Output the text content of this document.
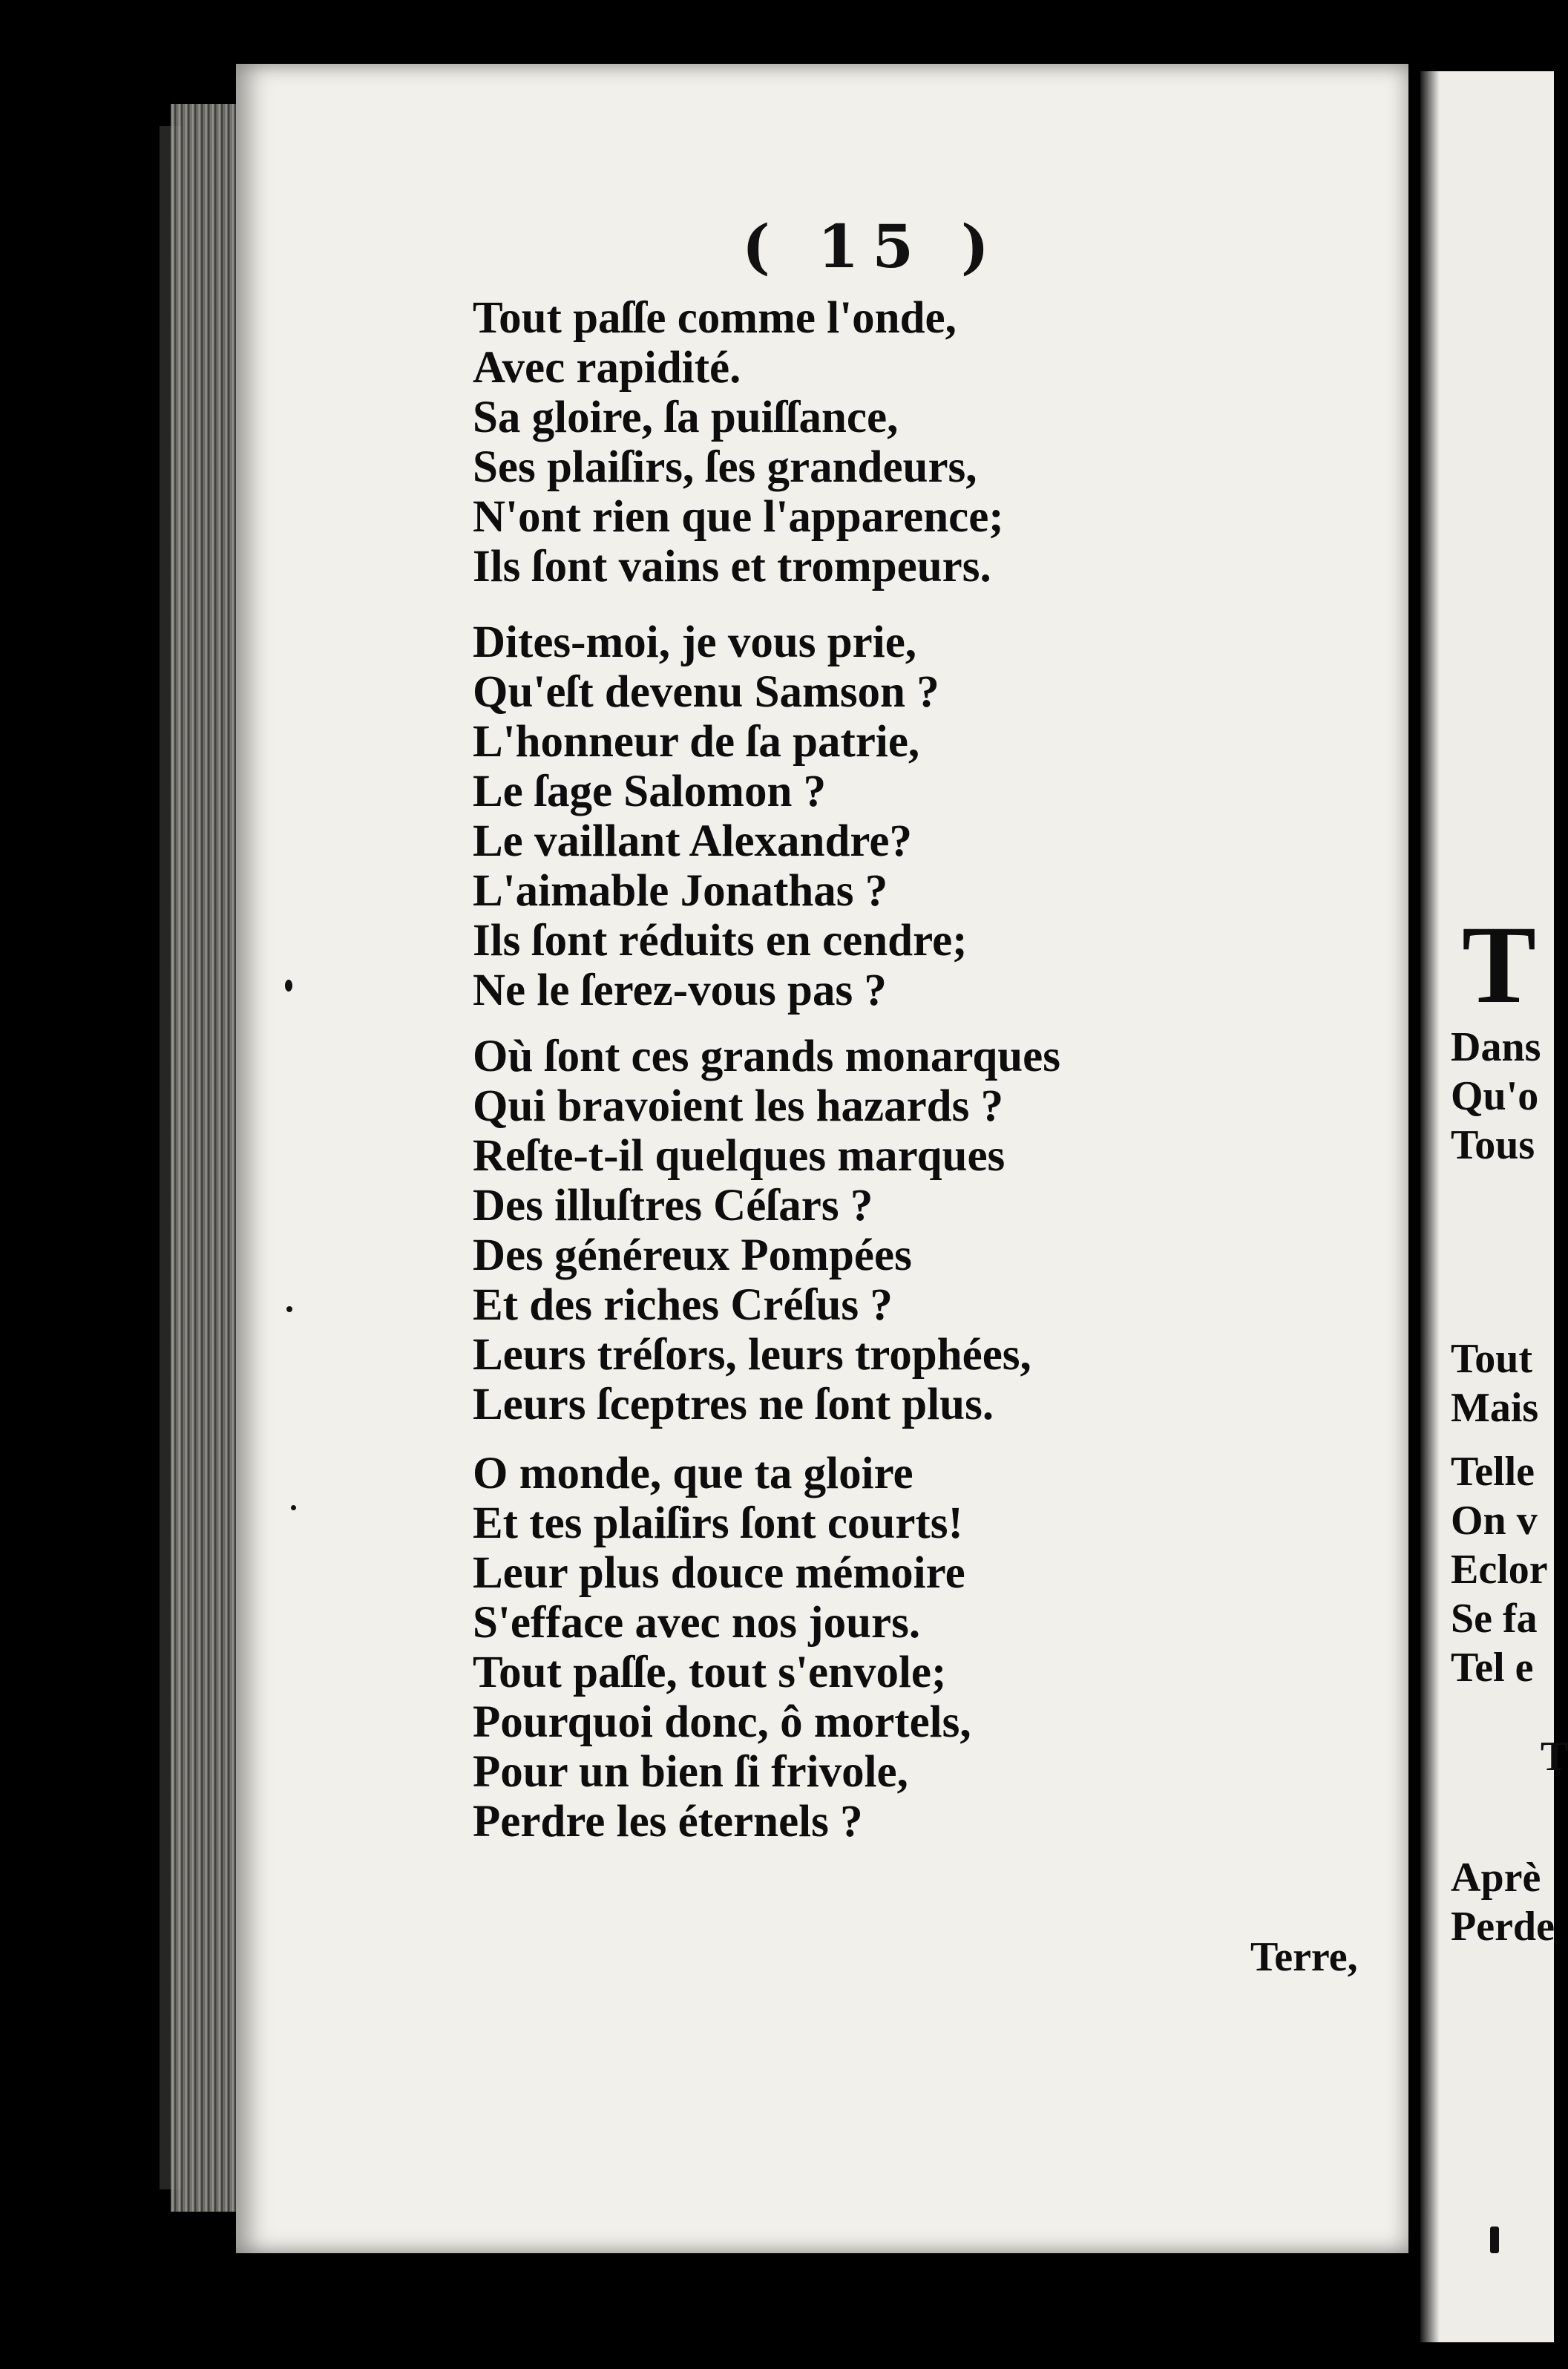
( 15 )
Tout paſſe comme l'onde,
Avec rapidité.
Sa gloire, ſa puiſſance,
Ses plaiſirs, ſes grandeurs,
N'ont rien que l'apparence;
Ils ſont vains et trompeurs.
Dites-moi, je vous prie,
Qu'eſt devenu Samson ?
L'honneur de ſa patrie,
Le ſage Salomon ?
Le vaillant Alexandre?
L'aimable Jonathas ?
Ils ſont réduits en cendre;
Ne le ſerez-vous pas ?
Où ſont ces grands monarques
Qui bravoient les hazards ?
Reſte-t-il quelques marques
Des illuſtres Céſars ?
Des généreux Pompées
Et des riches Créſus ?
Leurs tréſors, leurs trophées,
Leurs ſceptres ne ſont plus.
O monde, que ta gloire
Et tes plaiſirs ſont courts!
Leur plus douce mémoire
S'efface avec nos jours.
Tout paſſe, tout s'envole;
Pourquoi donc, ô mortels,
Pour un bien ſi frivole,
Perdre les éternels ?
Terre,
T
Dans
Qu'o
Tous
Tout
Mais
Telle
On v
Eclor
Se fa
Tel e
T
Aprè
Perde
